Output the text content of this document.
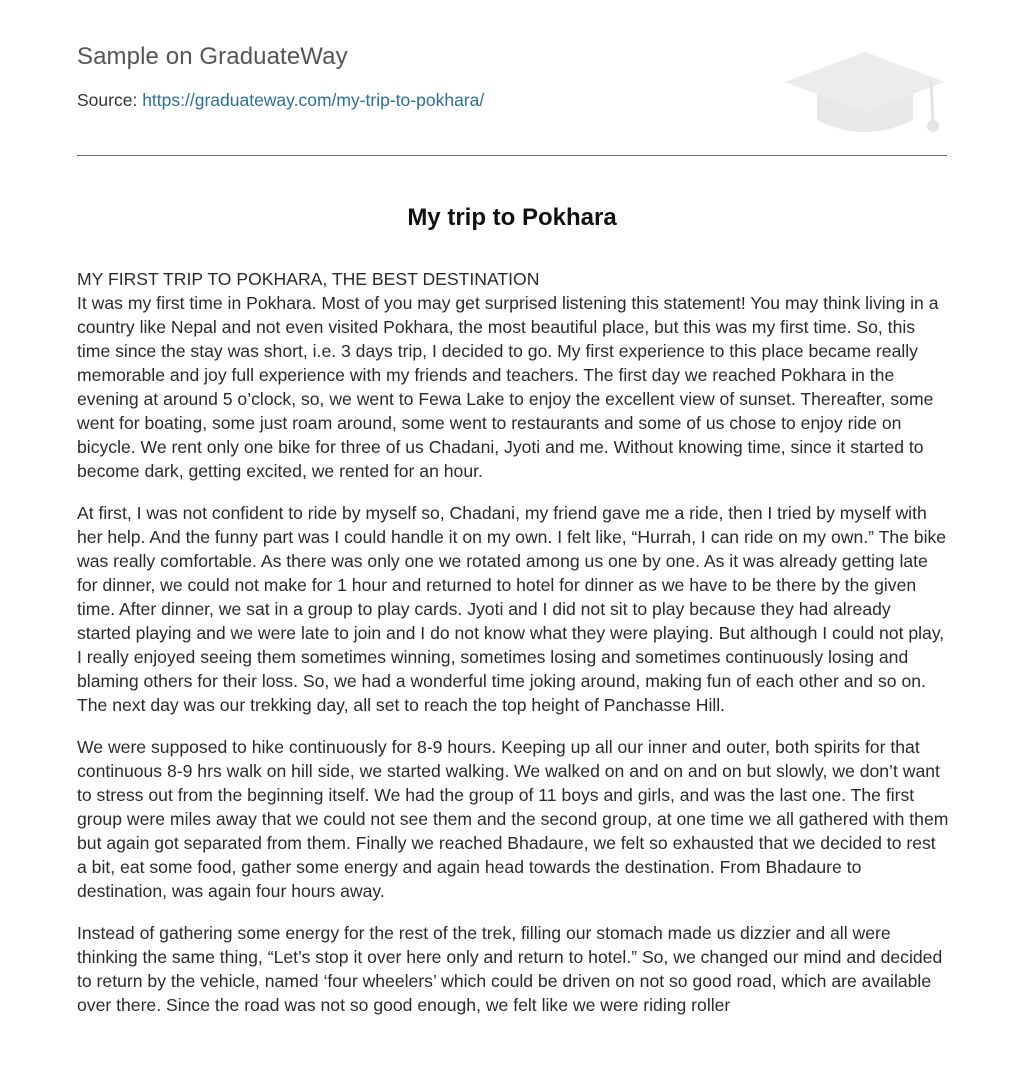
Sample on GraduateWay
Source: https://graduateway.com/my-trip-to-pokhara/
My trip to Pokhara

MY FIRST TRIP TO POKHARA, THE BEST DESTINATION

It was my first time in Pokhara. Most of you may get surprised listening this statement! You may think living in a country like Nepal and not even visited Pokhara, the most beautiful place, but this was my first time. So, this time since the stay was short, i.e. 3 days trip, I decided to go. My first experience to this place became really memorable and joy full experience with my friends and teachers. The first day we reached Pokhara in the evening at around 5 o’clock, so, we went to Fewa Lake to enjoy the excellent view of sunset. Thereafter, some went for boating, some just roam around, some went to restaurants and some of us chose to enjoy ride on bicycle. We rent only one bike for three of us Chadani, Jyoti and me. Without knowing time, since it started to become dark, getting excited, we rented for an hour.

At first, I was not confident to ride by myself so, Chadani, my friend gave me a ride, then I tried by myself with her help. And the funny part was I could handle it on my own. I felt like, “Hurrah, I can ride on my own.” The bike was really comfortable. As there was only one we rotated among us one by one. As it was already getting late for dinner, we could not make for 1 hour and returned to hotel for dinner as we have to be there by the given time. After dinner, we sat in a group to play cards. Jyoti and I did not sit to play because they had already started playing and we were late to join and I do not know what they were playing. But although I could not play, I really enjoyed seeing them sometimes winning, sometimes losing and sometimes continuously losing and blaming others for their loss. So, we had a wonderful time joking around, making fun of each other and so on. The next day was our trekking day, all set to reach the top height of Panchasse Hill.

We were supposed to hike continuously for 8-9 hours. Keeping up all our inner and outer, both spirits for that continuous 8-9 hrs walk on hill side, we started walking. We walked on and on and on but slowly, we don’t want to stress out from the beginning itself. We had the group of 11 boys and girls, and was the last one. The first group were miles away that we could not see them and the second group, at one time we all gathered with them but again got separated from them. Finally we reached Bhadaure, we felt so exhausted that we decided to rest a bit, eat some food, gather some energy and again head towards the destination. From Bhadaure to destination, was again four hours away.

Instead of gathering some energy for the rest of the trek, filling our stomach made us dizzier and all were thinking the same thing, “Let’s stop it over here only and return to hotel.” So, we changed our mind and decided to return by the vehicle, named ‘four wheelers’ which could be driven on not so good road, which are available over there. Since the road was not so good enough, we felt like we were riding roller
